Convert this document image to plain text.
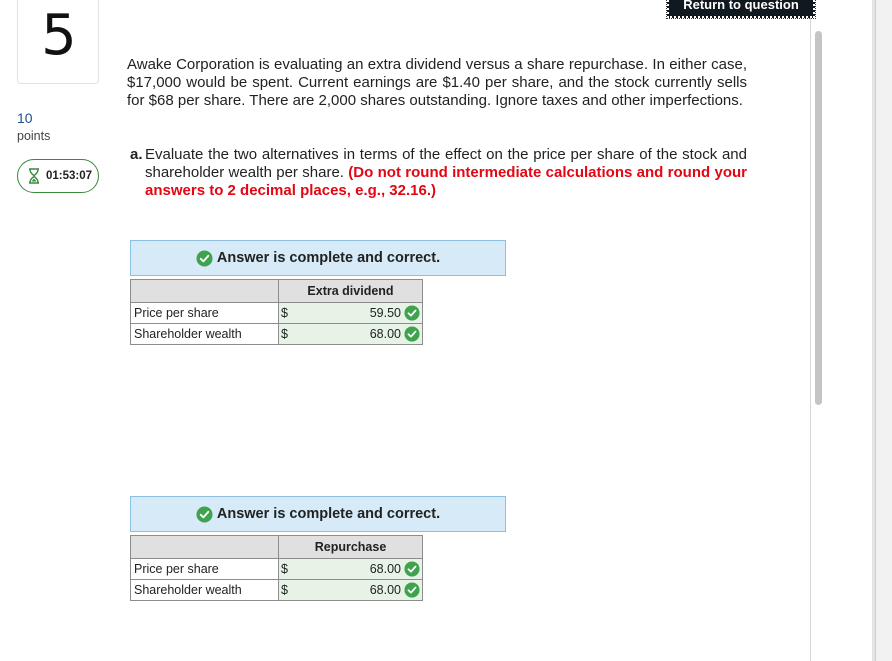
Return to question
5
10
points
01:53:07
Awake Corporation is evaluating an extra dividend versus a share repurchase. In either case, $17,000 would be spent. Current earnings are $1.40 per share, and the stock currently sells for $68 per share. There are 2,000 shares outstanding. Ignore taxes and other imperfections.
a. Evaluate the two alternatives in terms of the effect on the price per share of the stock and shareholder wealth per share. (Do not round intermediate calculations and round your answers to 2 decimal places, e.g., 32.16.)
Answer is complete and correct.
	Extra dividend	
Price per share	$	59.50
Shareholder wealth	$	68.00
Answer is complete and correct.
	Repurchase	
Price per share	$	68.00
Shareholder wealth	$	68.00
